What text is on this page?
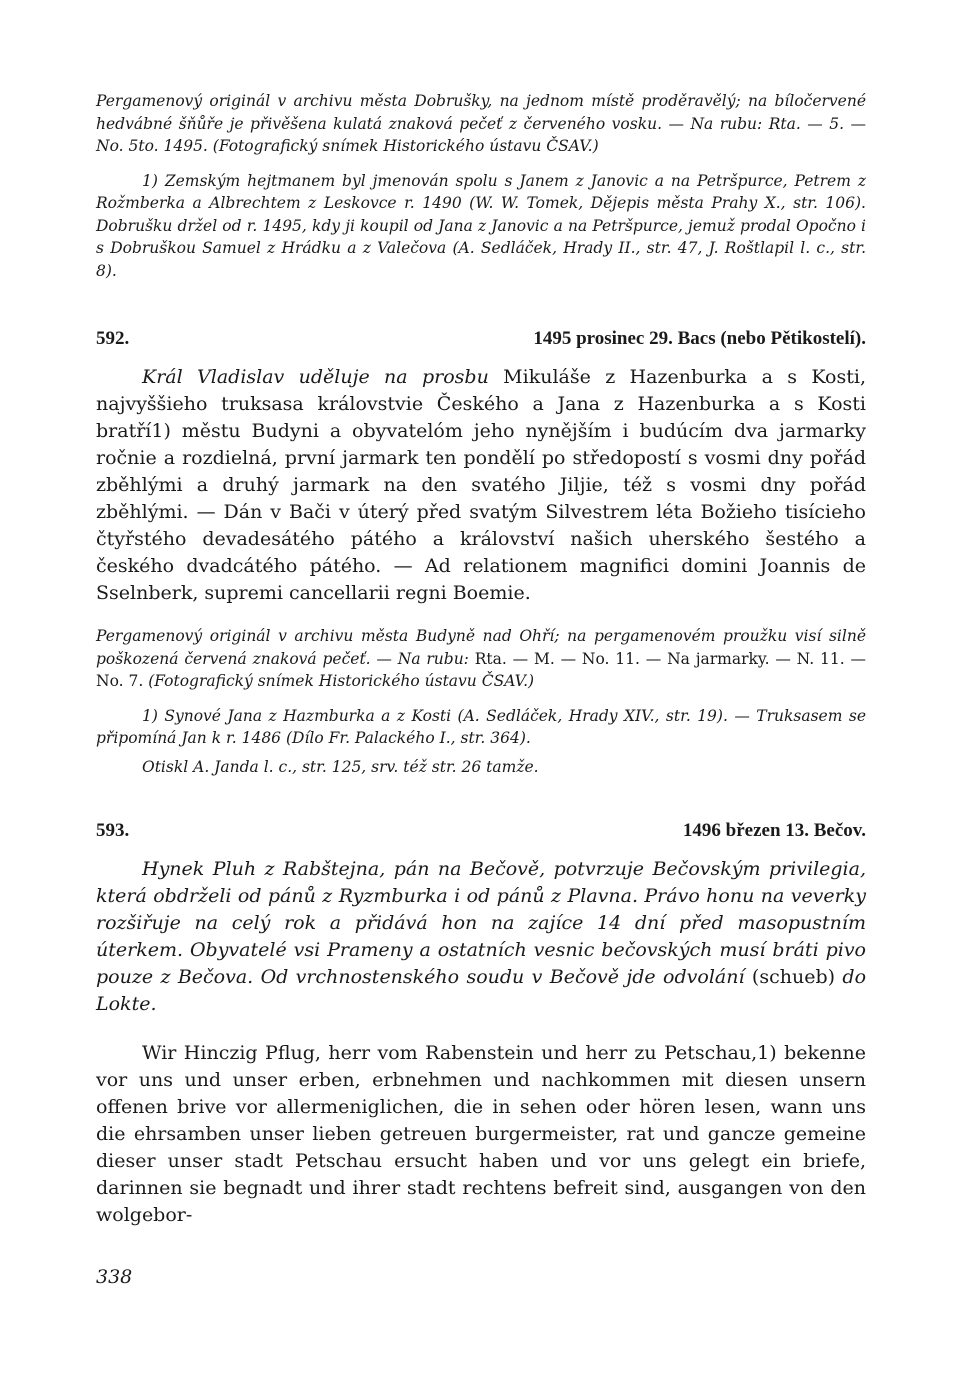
Pergamenový originál v archivu města Dobrušky, na jednom místě proděravělý; na bíločervené hedvábné šňůře je přivěšena kulatá znaková pečeť z červeného vosku. — Na rubu: Rta. — 5. — No. 5to. 1495. (Fotografický snímek Historického ústavu ČSAV.)
1) Zemským hejtmanem byl jmenován spolu s Janem z Janovic a na Petršpurce, Petrem z Rožmberka a Albrechtem z Leskovce r. 1490 (W. W. Tomek, Dějepis města Prahy X., str. 106). Dobrušku držel od r. 1495, kdy ji koupil od Jana z Janovic a na Petršpurce, jemuž prodal Opočno i s Dobruškou Samuel z Hrádku a z Valečova (A. Sedláček, Hrady II., str. 47, J. Roštlapil l. c., str. 8).
592.	1495 prosinec 29. Bacs (nebo Pětikostelí).

Král Vladislav uděluje na prosbu Mikuláše z Hazenburka a s Kosti, najvyššieho truksasa královstvie Českého a Jana z Hazenburka a s Kosti bratří1) městu Budyni a obyvatelóm jeho nynějším i budúcím dva jarmarky ročnie a rozdielná, první jarmark ten pondělí po středopostí s vosmi dny pořád zběhlými a druhý jarmark na den svatého Jiljie, též s vosmi dny pořád zběhlými. — Dán v Bači v úterý před svatým Silvestrem léta Božieho tisícieho čtyřstého devadesátého pátého a království našich uherského šestého a českého dvadcátého pátého. — Ad relationem magnifici domini Joannis de Sselnberk, supremi cancellarii regni Boemie.

Pergamenový originál v archivu města Budyně nad Ohří; na pergamenovém proužku visí silně poškozená červená znaková pečeť. — Na rubu: Rta. — M. — No. 11. — Na jarmarky. — N. 11. — No. 7. (Fotografický snímek Historického ústavu ČSAV.)
1) Synové Jana z Hazmburka a z Kosti (A. Sedláček, Hrady XIV., str. 19). — Truksasem se připomíná Jan k r. 1486 (Dílo Fr. Palackého I., str. 364).
Otiskl A. Janda l. c., str. 125, srv. též str. 26 tamže.
593.	1496 březen 13. Bečov.

Hynek Pluh z Rabštejna, pán na Bečově, potvrzuje Bečovským privilegia, která obdrželi od pánů z Ryzmburka i od pánů z Plavna. Právo honu na veverky rozšiřuje na celý rok a přidává hon na zajíce 14 dní před masopustním úterkem. Obyvatelé vsi Prameny a ostatních vesnic bečovských musí bráti pivo pouze z Bečova. Od vrchnostenského soudu v Bečově jde odvolání (schueb) do Lokte.

Wir Hinczig Pflug, herr vom Rabenstein und herr zu Petschau,1) bekenne vor uns und unser erben, erbnehmen und nachkommen mit diesen unsern offenen brive vor allermeniglichen, die in sehen oder hören lesen, wann uns die ehrsamben unser lieben getreuen burgermeister, rat und gancze gemeine dieser unser stadt Petschau ersucht haben und vor uns gelegt ein briefe, darinnen sie begnadt und ihrer stadt rechtens befreit sind, ausgangen von den wolgebor-

338
